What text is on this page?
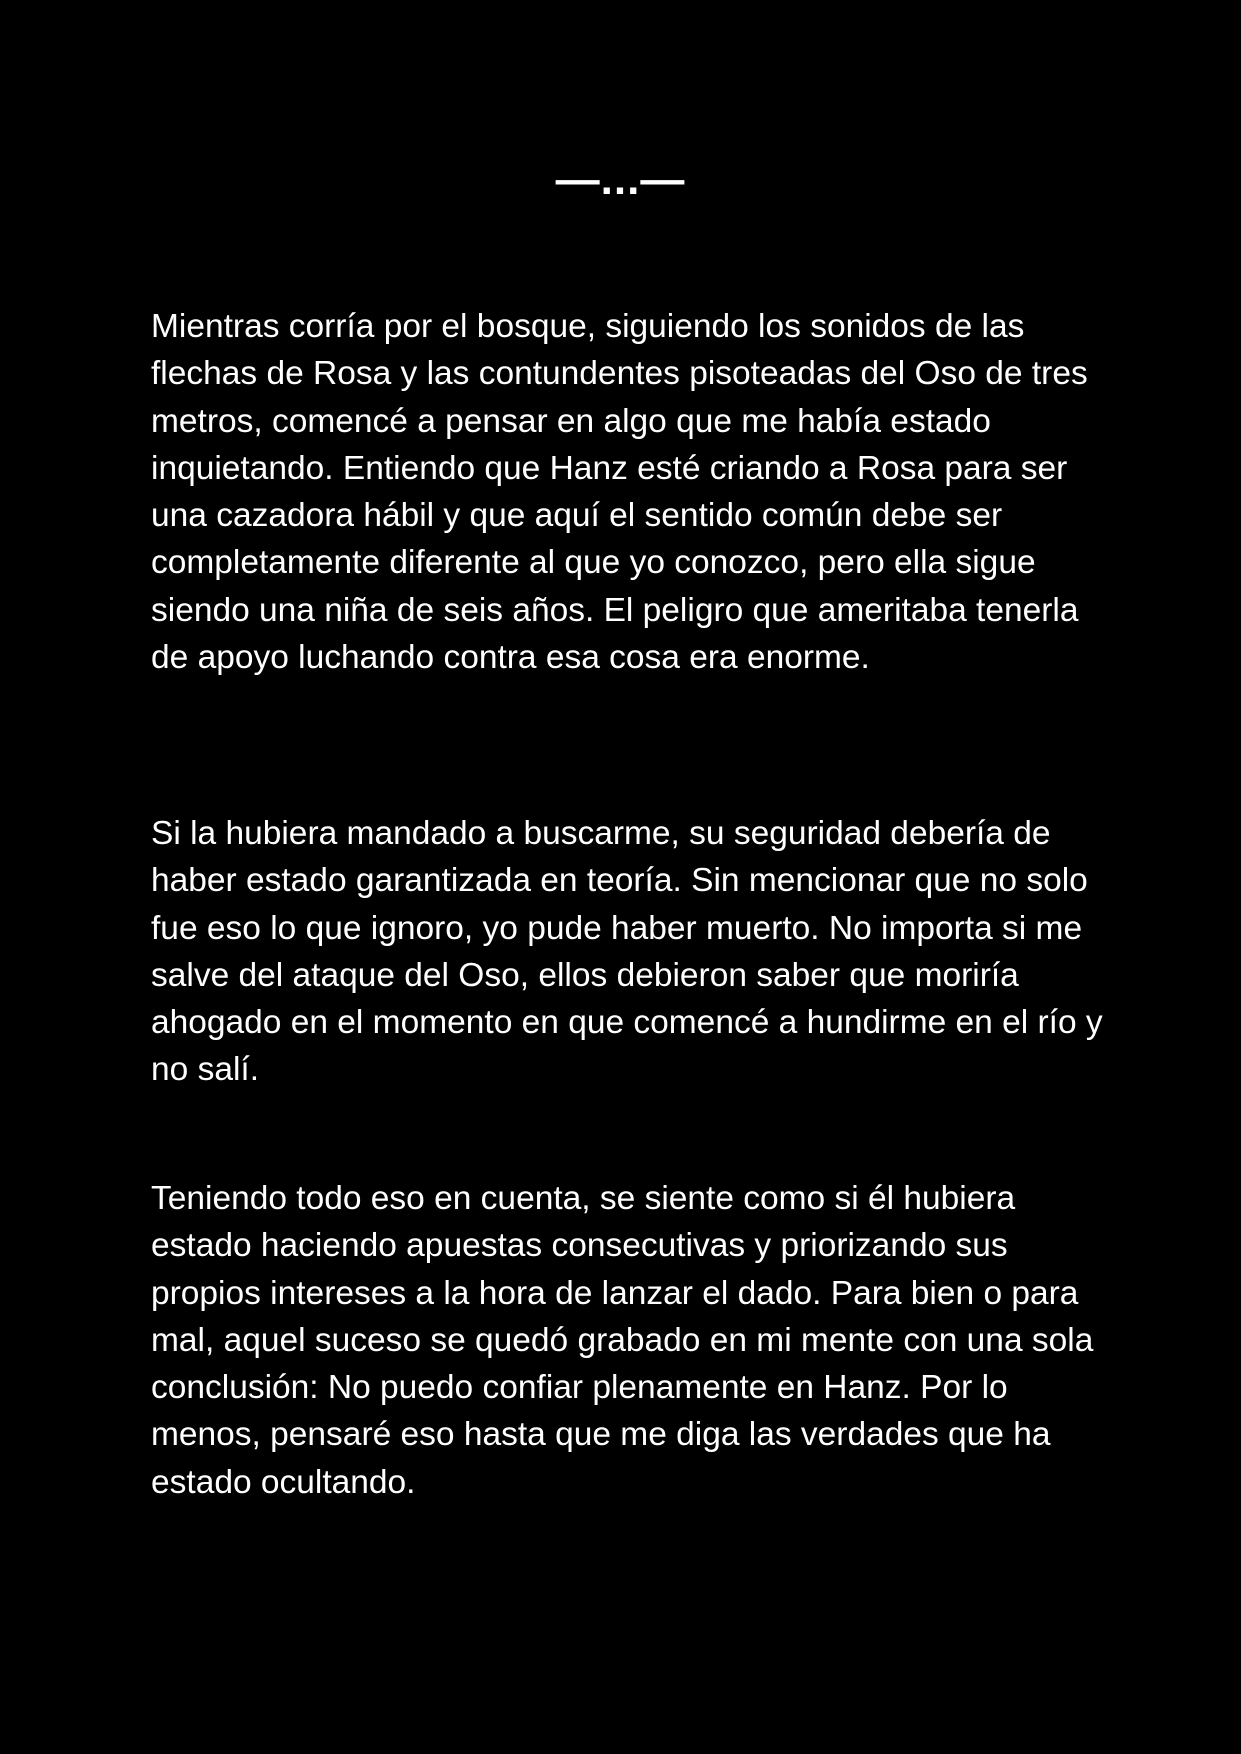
—...—

Mientras corría por el bosque, siguiendo los sonidos de las flechas de Rosa y las contundentes pisoteadas del Oso de tres metros, comencé a pensar en algo que me había estado inquietando. Entiendo que Hanz esté criando a Rosa para ser una cazadora hábil y que aquí el sentido común debe ser completamente diferente al que yo conozco, pero ella sigue siendo una niña de seis años. El peligro que ameritaba tenerla de apoyo luchando contra esa cosa era enorme.

Si la hubiera mandado a buscarme, su seguridad debería de haber estado garantizada en teoría. Sin mencionar que no solo fue eso lo que ignoro, yo pude haber muerto. No importa si me salve del ataque del Oso, ellos debieron saber que moriría ahogado en el momento en que comencé a hundirme en el río y no salí.

Teniendo todo eso en cuenta, se siente como si él hubiera estado haciendo apuestas consecutivas y priorizando sus propios intereses a la hora de lanzar el dado. Para bien o para mal, aquel suceso se quedó grabado en mi mente con una sola conclusión: No puedo confiar plenamente en Hanz. Por lo menos, pensaré eso hasta que me diga las verdades que ha estado ocultando.
